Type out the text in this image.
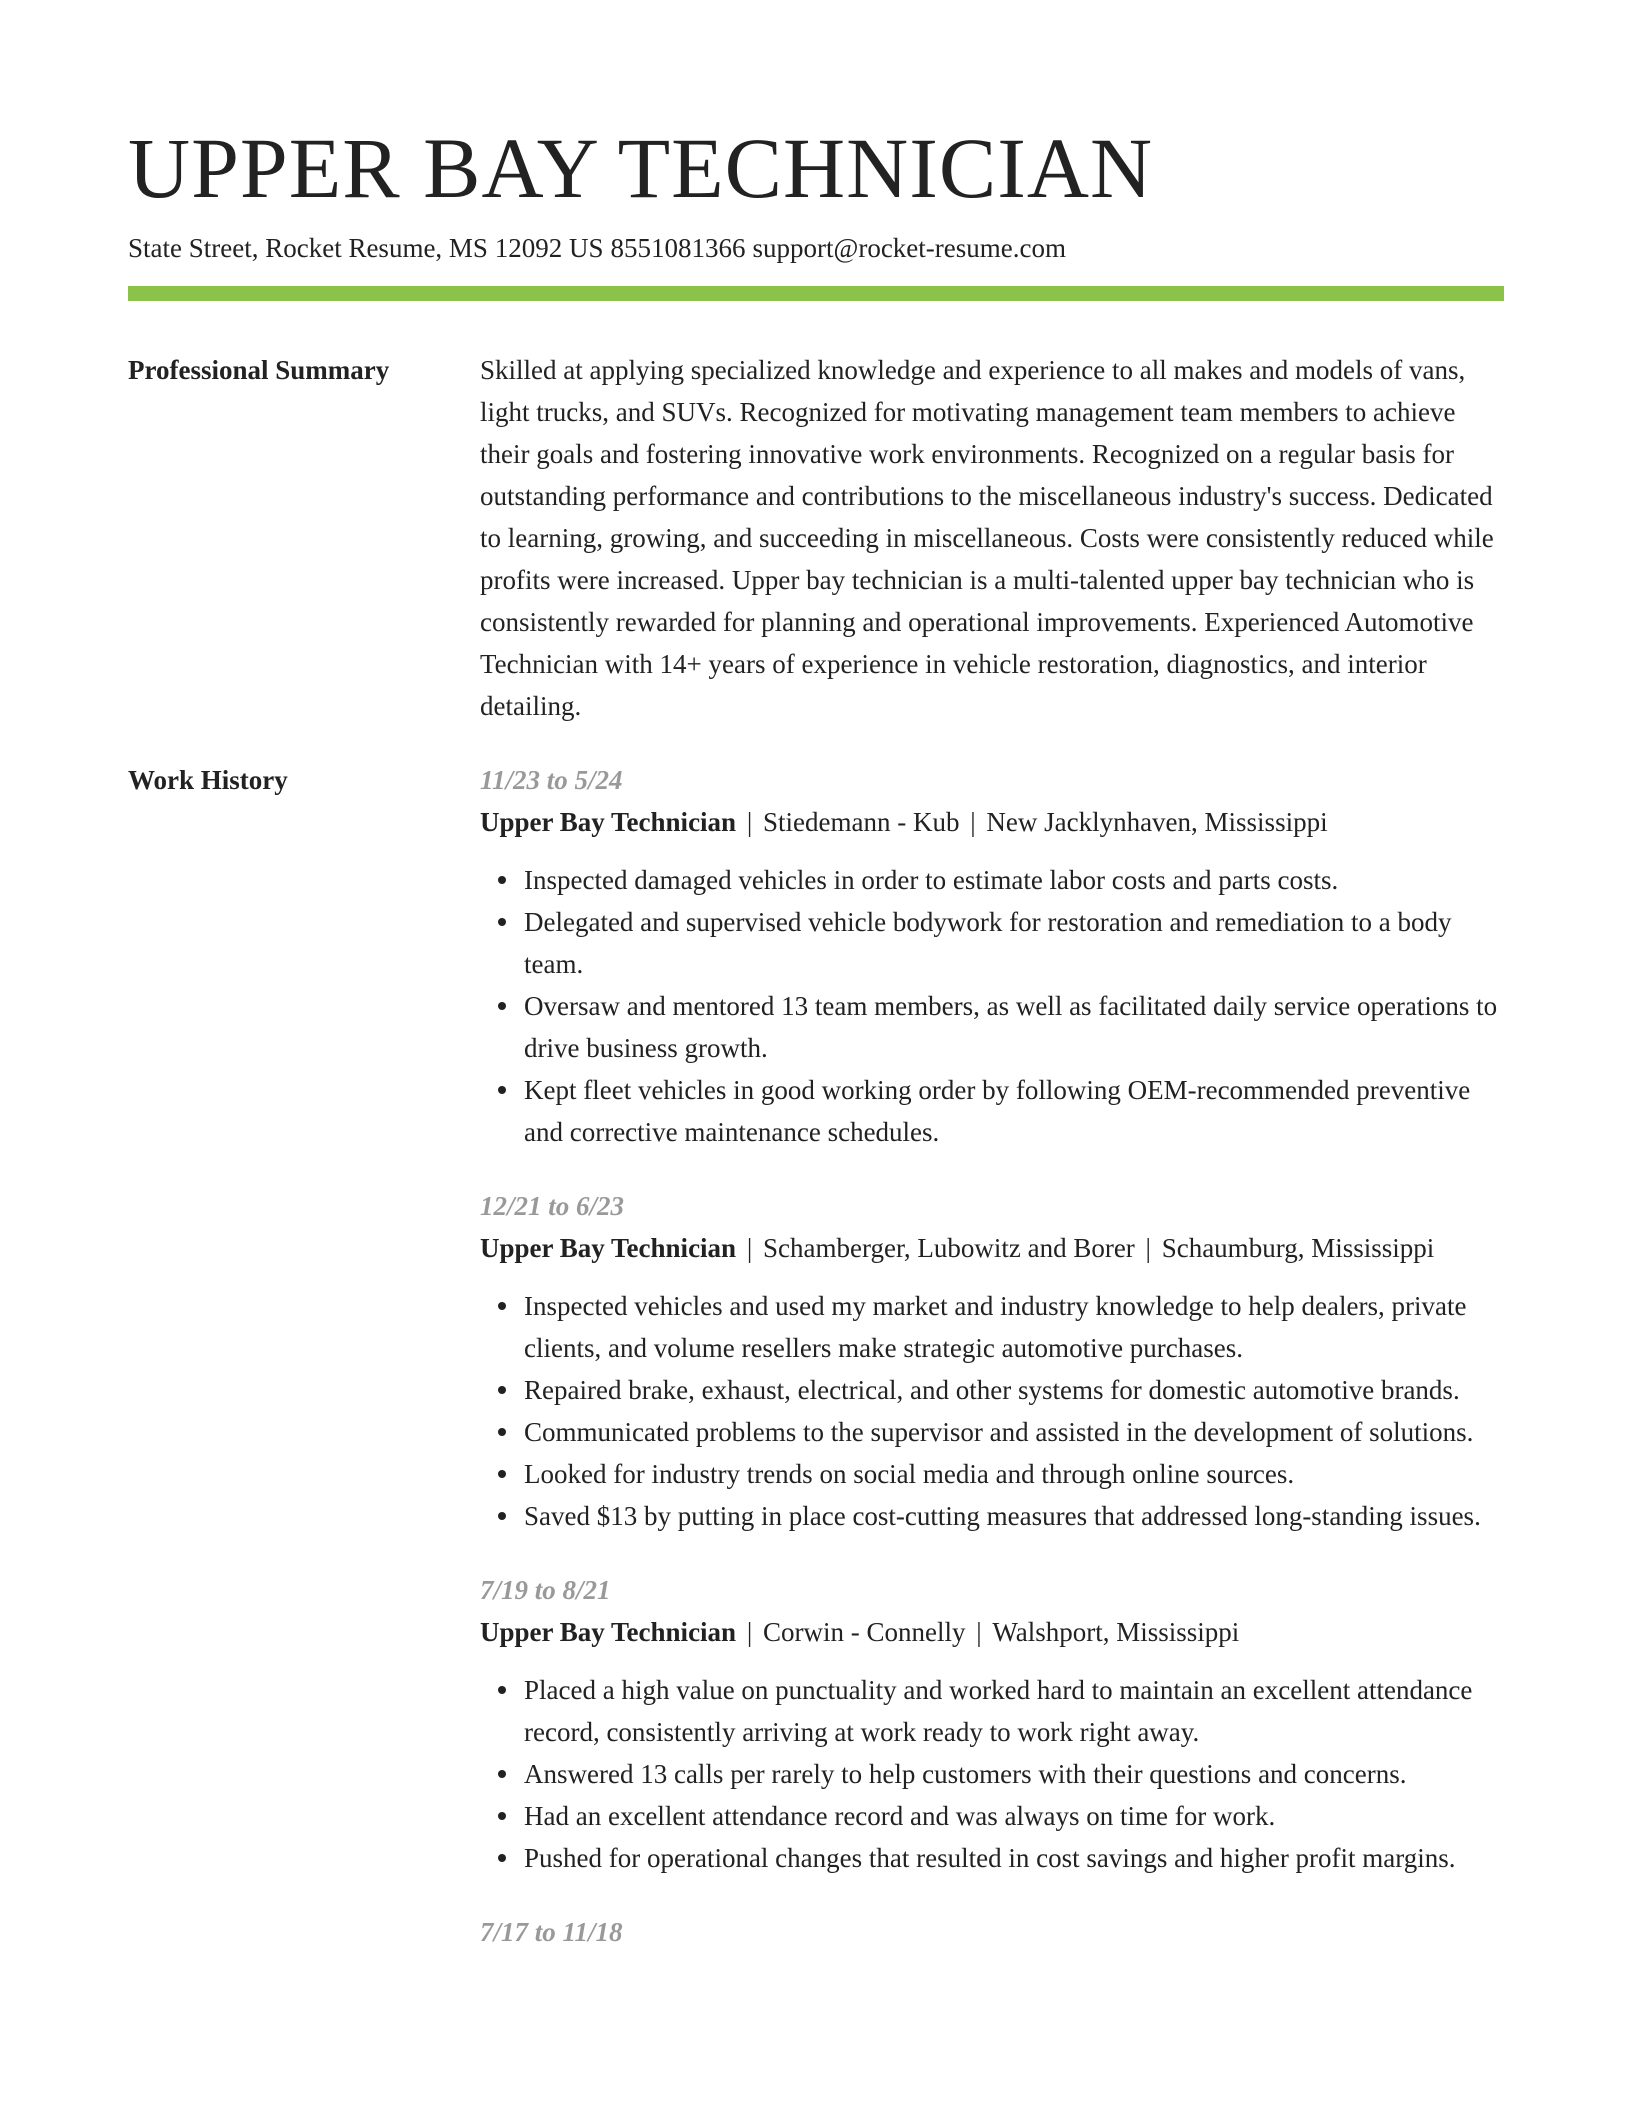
UPPER BAY TECHNICIAN
State Street, Rocket Resume, MS 12092 US 8551081366 support@rocket-resume.com
Professional Summary	Skilled at applying specialized knowledge and experience to all makes and models of vans, light trucks, and SUVs. Recognized for motivating management team members to achieve their goals and fostering innovative work environments. Recognized on a regular basis for outstanding performance and contributions to the miscellaneous industry's success. Dedicated to learning, growing, and succeeding in miscellaneous. Costs were consistently reduced while profits were increased. Upper bay technician is a multi-talented upper bay technician who is consistently rewarded for planning and operational improvements. Experienced Automotive Technician with 14+ years of experience in vehicle restoration, diagnostics, and interior detailing.

Work History	11/23 to 5/24
Upper Bay Technician | Stiedemann - Kub | New Jacklynhaven, Mississippi
Inspected damaged vehicles in order to estimate labor costs and parts costs.
Delegated and supervised vehicle bodywork for restoration and remediation to a body team.
Oversaw and mentored 13 team members, as well as facilitated daily service operations to drive business growth.
Kept fleet vehicles in good working order by following OEM-recommended preventive and corrective maintenance schedules.
12/21 to 6/23
Upper Bay Technician | Schamberger, Lubowitz and Borer | Schaumburg, Mississippi
Inspected vehicles and used my market and industry knowledge to help dealers, private clients, and volume resellers make strategic automotive purchases.
Repaired brake, exhaust, electrical, and other systems for domestic automotive brands.
Communicated problems to the supervisor and assisted in the development of solutions.
Looked for industry trends on social media and through online sources.
Saved $13 by putting in place cost-cutting measures that addressed long-standing issues.
7/19 to 8/21
Upper Bay Technician | Corwin - Connelly | Walshport, Mississippi
Placed a high value on punctuality and worked hard to maintain an excellent attendance record, consistently arriving at work ready to work right away.
Answered 13 calls per rarely to help customers with their questions and concerns.
Had an excellent attendance record and was always on time for work.
Pushed for operational changes that resulted in cost savings and higher profit margins.
7/17 to 11/18
